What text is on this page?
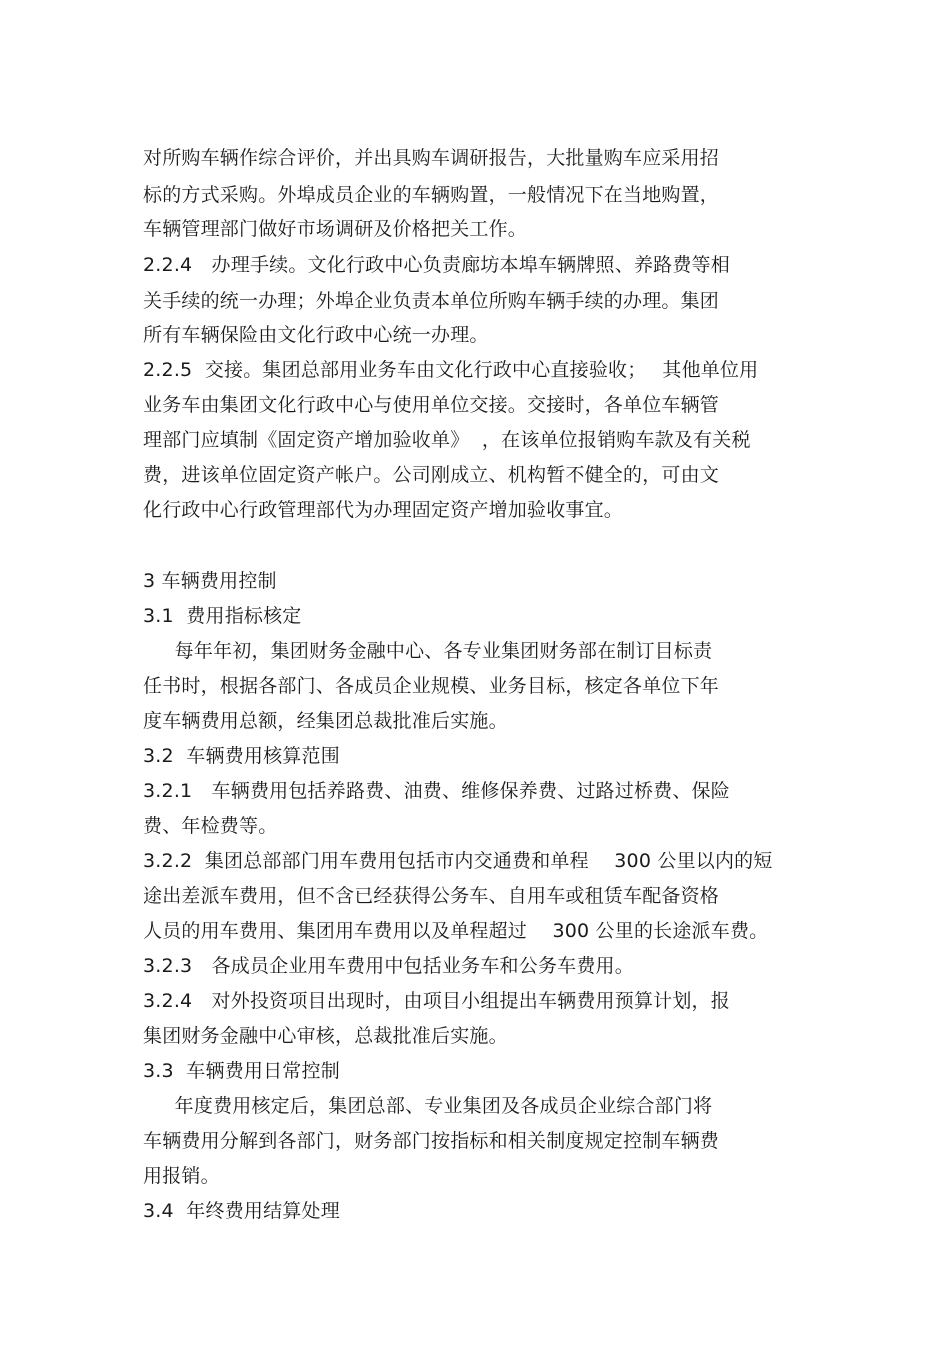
对所购车辆作综合评价，并出具购车调研报告，大批量购车应采用招
标的方式采购。外埠成员企业的车辆购置，一般情况下在当地购置，
车辆管理部门做好市场调研及价格把关工作。
2.2.4　办理手续。文化行政中心负责廊坊本埠车辆牌照、养路费等相
关手续的统一办理；外埠企业负责本单位所购车辆手续的办理。集团
所有车辆保险由文化行政中心统一办理。
2.2.5  交接。集团总部用业务车由文化行政中心直接验收；　 其他单位用
业务车由集团文化行政中心与使用单位交接。交接时，各单位车辆管
理部门应填制《固定资产增加验收单》  ，在该单位报销购车款及有关税
费，进该单位固定资产帐户。公司刚成立、机构暂不健全的，可由文
化行政中心行政管理部代为办理固定资产增加验收事宜。
3 车辆费用控制
3.1  费用指标核定
　  每年年初，集团财务金融中心、各专业集团财务部在制订目标责
任书时，根据各部门、各成员企业规模、业务目标，核定各单位下年
度车辆费用总额，经集团总裁批准后实施。
3.2  车辆费用核算范围
3.2.1　车辆费用包括养路费、油费、维修保养费、过路过桥费、保险
费、年检费等。
3.2.2  集团总部部门用车费用包括市内交通费和单程　 300 公里以内的短
途出差派车费用，但不含已经获得公务车、自用车或租赁车配备资格
人员的用车费用、集团用车费用以及单程超过　 300 公里的长途派车费。
3.2.3　各成员企业用车费用中包括业务车和公务车费用。
3.2.4　对外投资项目出现时，由项目小组提出车辆费用预算计划，报
集团财务金融中心审核，总裁批准后实施。
3.3  车辆费用日常控制
　  年度费用核定后，集团总部、专业集团及各成员企业综合部门将
车辆费用分解到各部门，财务部门按指标和相关制度规定控制车辆费
用报销。
3.4  年终费用结算处理
